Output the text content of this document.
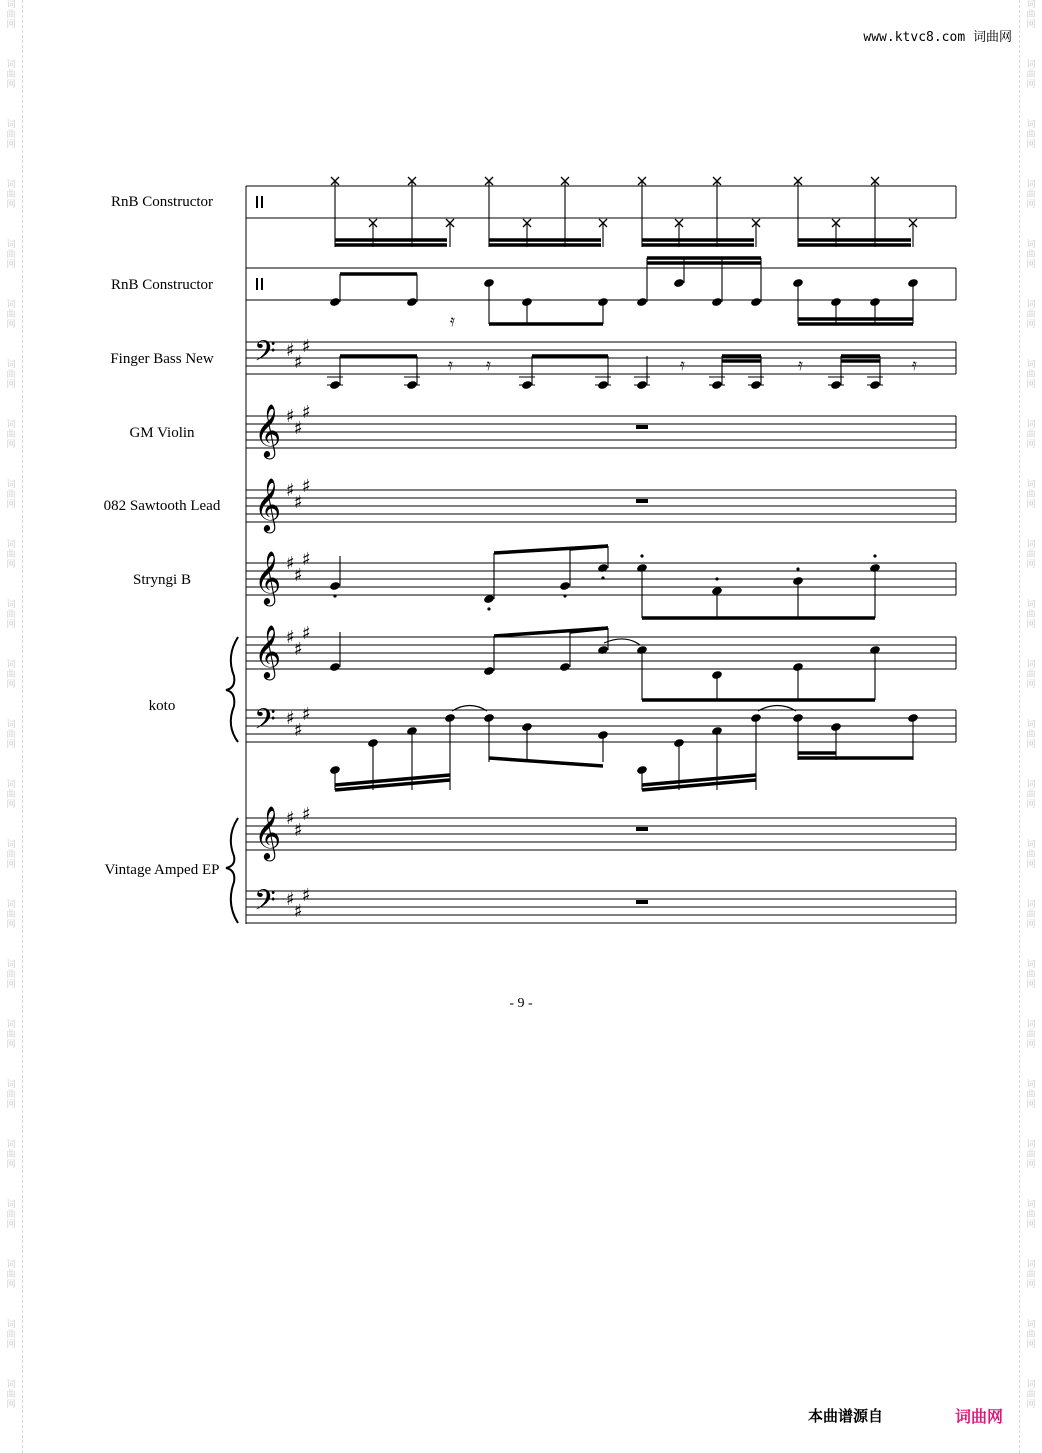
词
曲
网
词
曲
网
词
曲
网
词
曲
网
词
曲
网
词
曲
网
词
曲
网
词
曲
网
词
曲
网
词
曲
网
词
曲
网
词
曲
网
词
曲
网
词
曲
网
词
曲
网
词
曲
网
词
曲
网
词
曲
网
词
曲
网
词
曲
网
词
曲
网
词
曲
网
词
曲
网
词
曲
网
词
曲
网
词
曲
网
词
曲
网
词
曲
网
词
曲
网
词
曲
网
词
曲
网
词
曲
网
词
曲
网
词
曲
网
词
曲
网
词
曲
网
词
曲
网
词
曲
网
词
曲
网
词
曲
网
词
曲
网
词
曲
网
词
曲
网
词
曲
网
词
曲
网
词
曲
网
词
曲
网
词
曲
网
www.ktvc8.com 词曲网
RnB Constructor
RnB Constructor
Finger Bass New
GM Violin
082 Sawtooth Lead
Stryngi B
koto
Vintage Amped EP
𝄢 ♯
♯
♯
𝄞 ♯
♯
♯
𝄞 ♯
♯
♯
𝄞 ♯
♯
♯
𝄞 ♯
♯
♯
𝄢 ♯
♯
♯
𝄞 ♯
♯
♯
𝄢 ♯
♯
♯
𝄿
𝄿 𝄿	𝄿	𝄿	𝄿
- 9 -
本曲谱源自	词曲网
